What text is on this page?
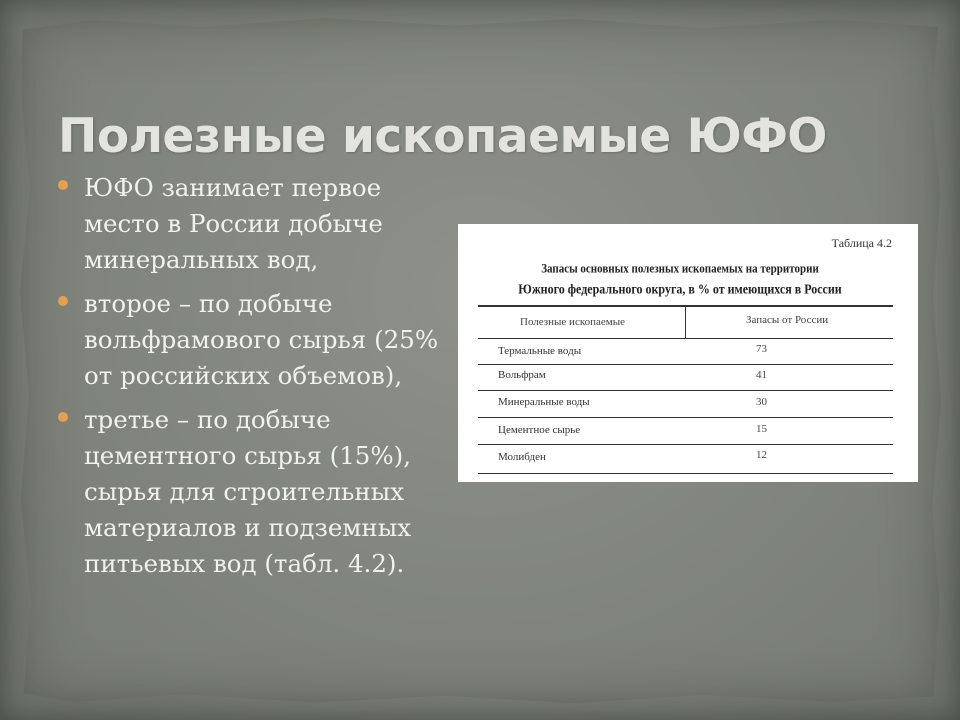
Полезные ископаемые ЮФО
ЮФО занимает первое место в России добыче минеральных вод,
второе – по добыче вольфрамового сырья (25% от российских объемов),
третье – по добыче цементного сырья (15%), сырья для строительных материалов и подземных питьевых вод (табл. 4.2).
Таблица 4.2
Запасы основных полезных ископаемых на территории
Южного федерального округа, в % от имеющихся в России
Полезные ископаемые	Запасы от России
Термальные воды	73
Вольфрам	41
Минеральные воды	30
Цементное сырье	15
Молибден	12
